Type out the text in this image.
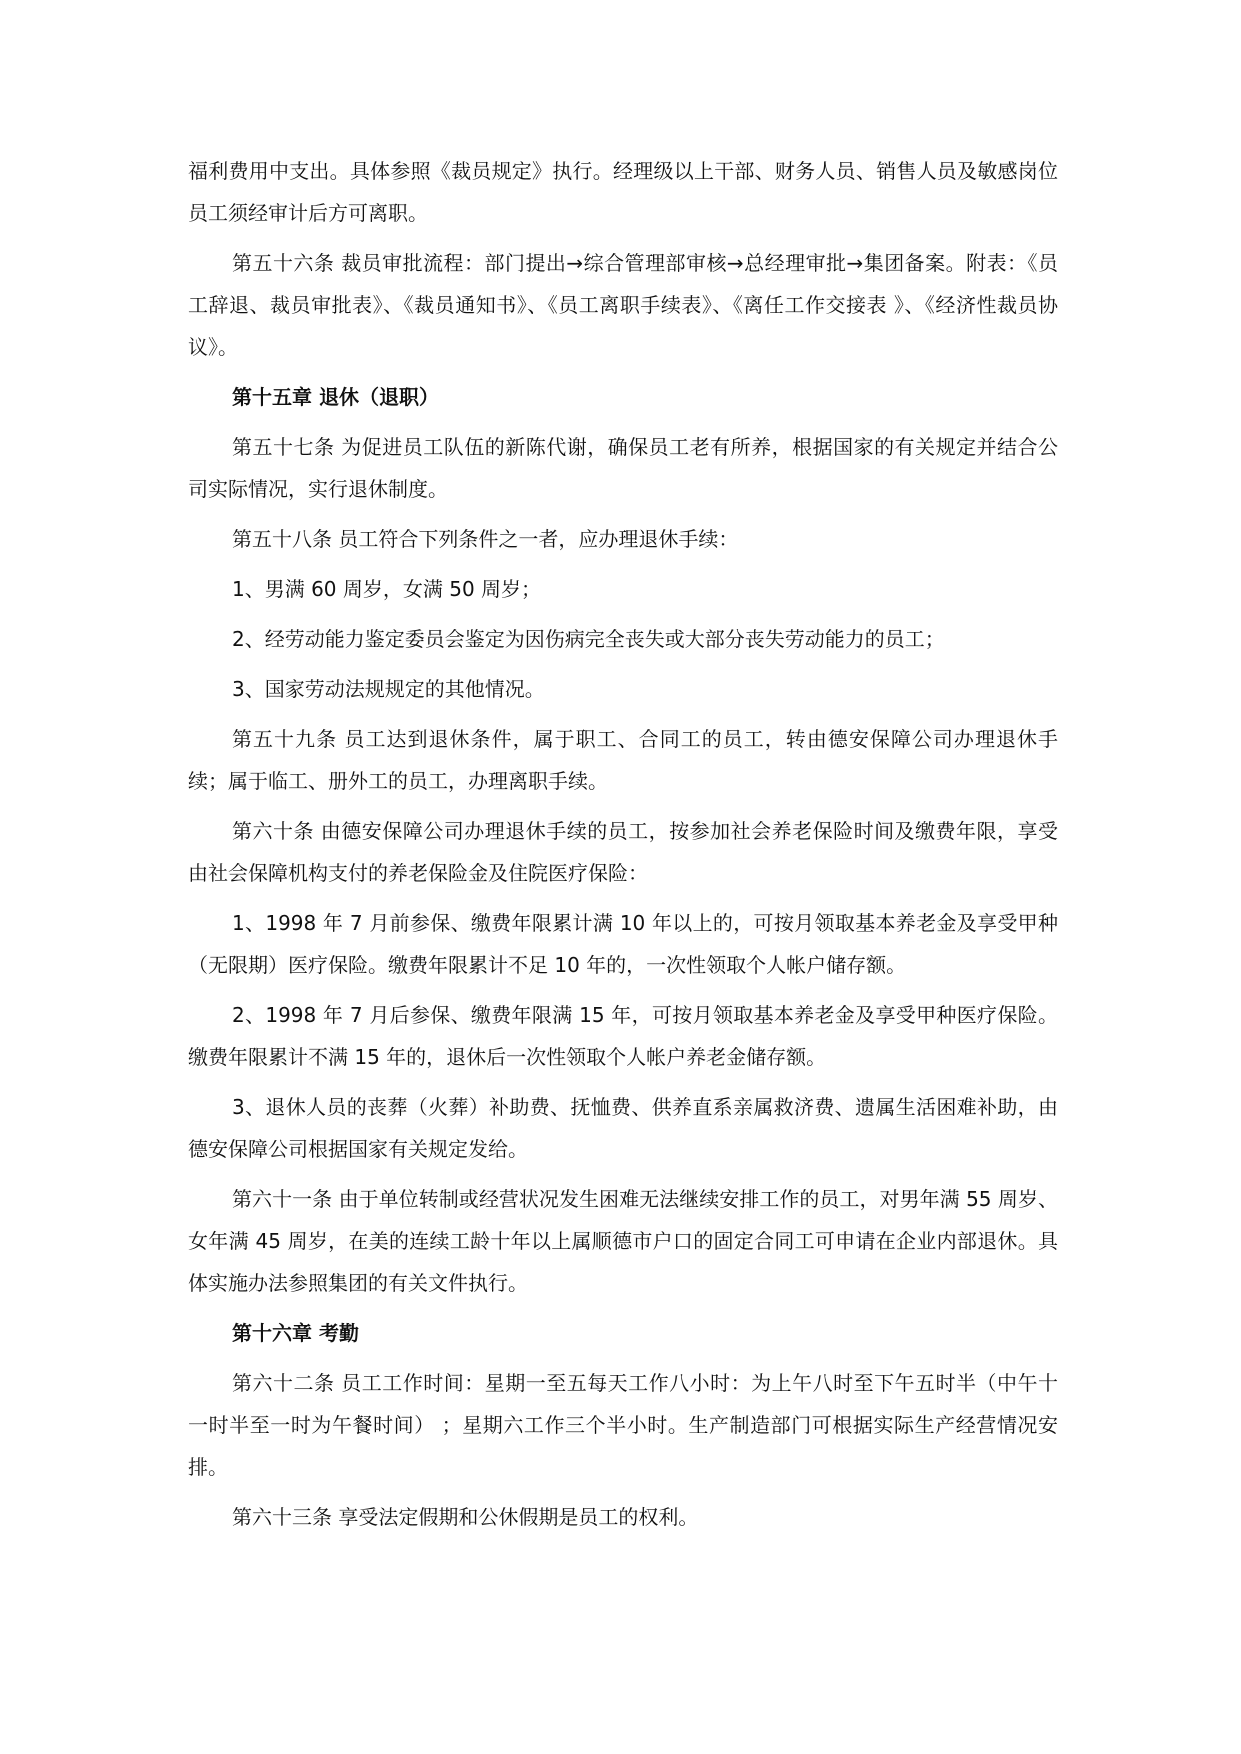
福利费用中支出。具体参照《裁员规定》执行。经理级以上干部、财务人员、销售人员及敏感岗位员工须经审计后方可离职。

第五十六条 裁员审批流程：部门提出→综合管理部审核→总经理审批→集团备案。附表：《员工辞退、裁员审批表》、《裁员通知书》、《员工离职手续表》、《离任工作交接表 》、《经济性裁员协议》。

第十五章 退休（退职）

第五十七条 为促进员工队伍的新陈代谢，确保员工老有所养，根据国家的有关规定并结合公司实际情况，实行退休制度。

第五十八条 员工符合下列条件之一者，应办理退休手续：

1、男满 60 周岁，女满 50 周岁；

2、经劳动能力鉴定委员会鉴定为因伤病完全丧失或大部分丧失劳动能力的员工；

3、国家劳动法规规定的其他情况。

第五十九条 员工达到退休条件，属于职工、合同工的员工，转由德安保障公司办理退休手续；属于临工、册外工的员工，办理离职手续。

第六十条 由德安保障公司办理退休手续的员工，按参加社会养老保险时间及缴费年限，享受由社会保障机构支付的养老保险金及住院医疗保险：

1、1998 年 7 月前参保、缴费年限累计满 10 年以上的，可按月领取基本养老金及享受甲种（无限期）医疗保险。缴费年限累计不足 10 年的，一次性领取个人帐户储存额。

2、1998 年 7 月后参保、缴费年限满 15 年，可按月领取基本养老金及享受甲种医疗保险。缴费年限累计不满 15 年的，退休后一次性领取个人帐户养老金储存额。

3、退休人员的丧葬（火葬）补助费、抚恤费、供养直系亲属救济费、遗属生活困难补助，由德安保障公司根据国家有关规定发给。

第六十一条 由于单位转制或经营状况发生困难无法继续安排工作的员工，对男年满 55 周岁、女年满 45 周岁，在美的连续工龄十年以上属顺德市户口的固定合同工可申请在企业内部退休。具体实施办法参照集团的有关文件执行。

第十六章 考勤

第六十二条 员工工作时间：星期一至五每天工作八小时：为上午八时至下午五时半（中午十一时半至一时为午餐时间） ；星期六工作三个半小时。生产制造部门可根据实际生产经营情况安排。

第六十三条 享受法定假期和公休假期是员工的权利。
